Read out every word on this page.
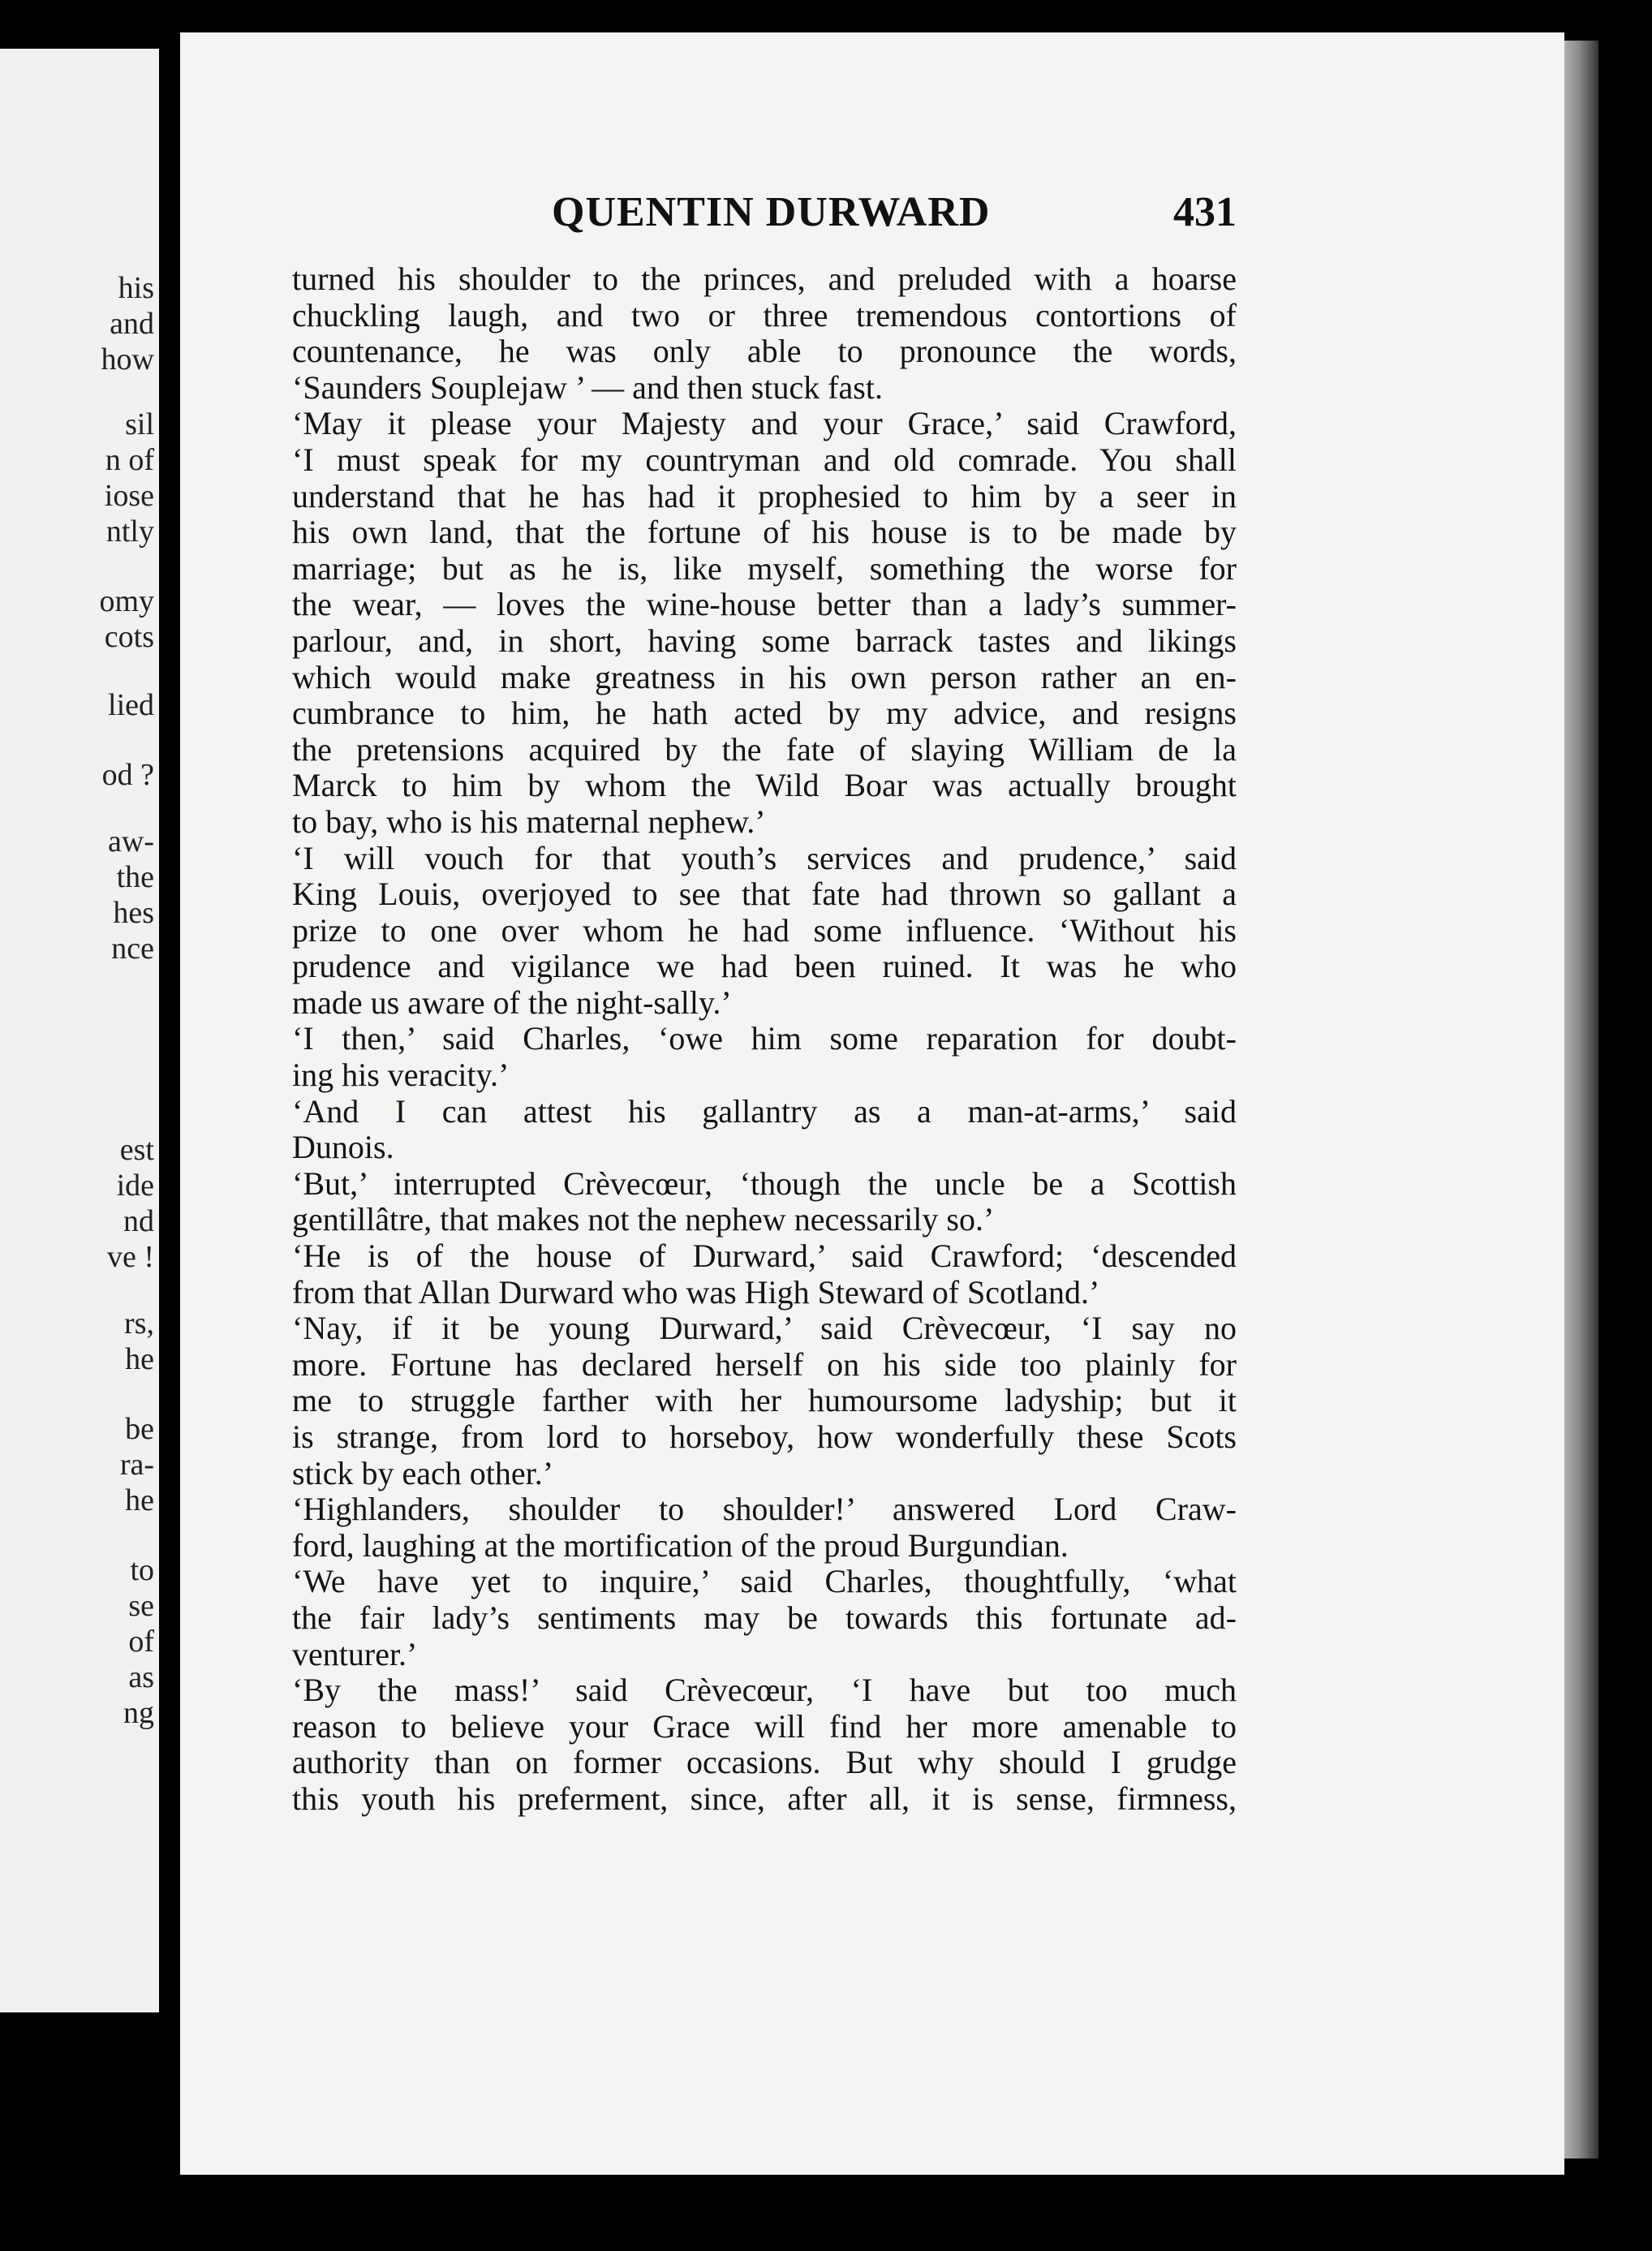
his
and
how
sil
n of
iose
ntly
omy
cots
lied
od ?
aw-
the
hes
nce
est
ide
nd
ve !
rs,
he
be
ra-
he
to
se
of
as
ng
QUENTIN DURWARD	431
turned his shoulder to the princes, and preluded with a hoarse
chuckling laugh, and two or three tremendous contortions of
countenance, he was only able to pronounce the words,
‘Saunders Souplejaw ’ — and then stuck fast.
‘May it please your Majesty and your Grace,’ said Crawford,
‘I must speak for my countryman and old comrade. You shall
understand that he has had it prophesied to him by a seer in
his own land, that the fortune of his house is to be made by
marriage; but as he is, like myself, something the worse for
the wear, — loves the wine-house better than a lady’s summer-
parlour, and, in short, having some barrack tastes and likings
which would make greatness in his own person rather an en-
cumbrance to him, he hath acted by my advice, and resigns
the pretensions acquired by the fate of slaying William de la
Marck to him by whom the Wild Boar was actually brought
to bay, who is his maternal nephew.’
‘I will vouch for that youth’s services and prudence,’ said
King Louis, overjoyed to see that fate had thrown so gallant a
prize to one over whom he had some influence. ‘Without his
prudence and vigilance we had been ruined. It was he who
made us aware of the night-sally.’
‘I then,’ said Charles, ‘owe him some reparation for doubt-
ing his veracity.’
‘And I can attest his gallantry as a man-at-arms,’ said
Dunois.
‘But,’ interrupted Crèvecœur, ‘though the uncle be a Scottish
gentillâtre, that makes not the nephew necessarily so.’
‘He is of the house of Durward,’ said Crawford; ‘descended
from that Allan Durward who was High Steward of Scotland.’
‘Nay, if it be young Durward,’ said Crèvecœur, ‘I say no
more. Fortune has declared herself on his side too plainly for
me to struggle farther with her humoursome ladyship; but it
is strange, from lord to horseboy, how wonderfully these Scots
stick by each other.’
‘Highlanders, shoulder to shoulder!’ answered Lord Craw-
ford, laughing at the mortification of the proud Burgundian.
‘We have yet to inquire,’ said Charles, thoughtfully, ‘what
the fair lady’s sentiments may be towards this fortunate ad-
venturer.’
‘By the mass!’ said Crèvecœur, ‘I have but too much
reason to believe your Grace will find her more amenable to
authority than on former occasions. But why should I grudge
this youth his preferment, since, after all, it is sense, firmness,
